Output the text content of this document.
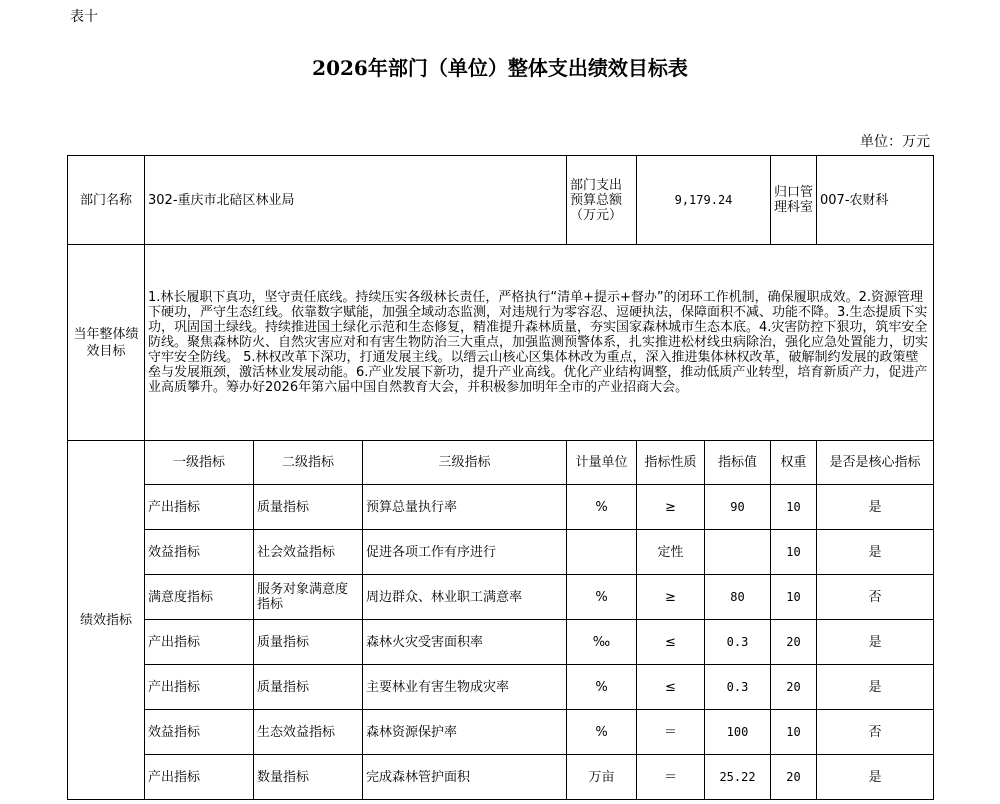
表十
2026年部门（单位）整体支出绩效目标表
单位：万元
部门名称	302-重庆市北碚区林业局			部门支出预算总额（万元）	9,179.24		归口管理科室	007-农财科
当年整体绩效目标	1.林长履职下真功，坚守责任底线。持续压实各级林长责任，严格执行“清单+提示+督办”的闭环工作机制，确保履职成效。2.资源管理下硬功，严守生态红线。依靠数字赋能，加强全域动态监测，对违规行为零容忍、逗硬执法，保障面积不减、功能不降。3.生态提质下实功，巩固国土绿线。持续推进国土绿化示范和生态修复，精准提升森林质量，夯实国家森林城市生态本底。4.灾害防控下狠功，筑牢安全防线。聚焦森林防火、自然灾害应对和有害生物防治三大重点，加强监测预警体系，扎实推进松材线虫病除治，强化应急处置能力，切实守牢安全防线。 5.林权改革下深功，打通发展主线。以缙云山核心区集体林改为重点，深入推进集体林权改革，破解制约发展的政策壁垒与发展瓶颈，激活林业发展动能。6.产业发展下新功，提升产业高线。优化产业结构调整，推动低质产业转型，培育新质产力，促进产业高质攀升。筹办好2026年第六届中国自然教育大会，并积极参加明年全市的产业招商大会。							
绩效指标	一级指标	二级指标	三级指标	计量单位	指标性质	指标值	权重	是否是核心指标
	产出指标	质量指标	预算总量执行率	%	≥	90	10	是
	效益指标	社会效益指标	促进各项工作有序进行		定性		10	是
	满意度指标	服务对象满意度指标	周边群众、林业职工满意率	%	≥	80	10	否
	产出指标	质量指标	森林火灾受害面积率	‰	≤	0.3	20	是
	产出指标	质量指标	主要林业有害生物成灾率	%	≤	0.3	20	是
	效益指标	生态效益指标	森林资源保护率	%	＝	100	10	否
	产出指标	数量指标	完成森林管护面积	万亩	＝	25.22	20	是
